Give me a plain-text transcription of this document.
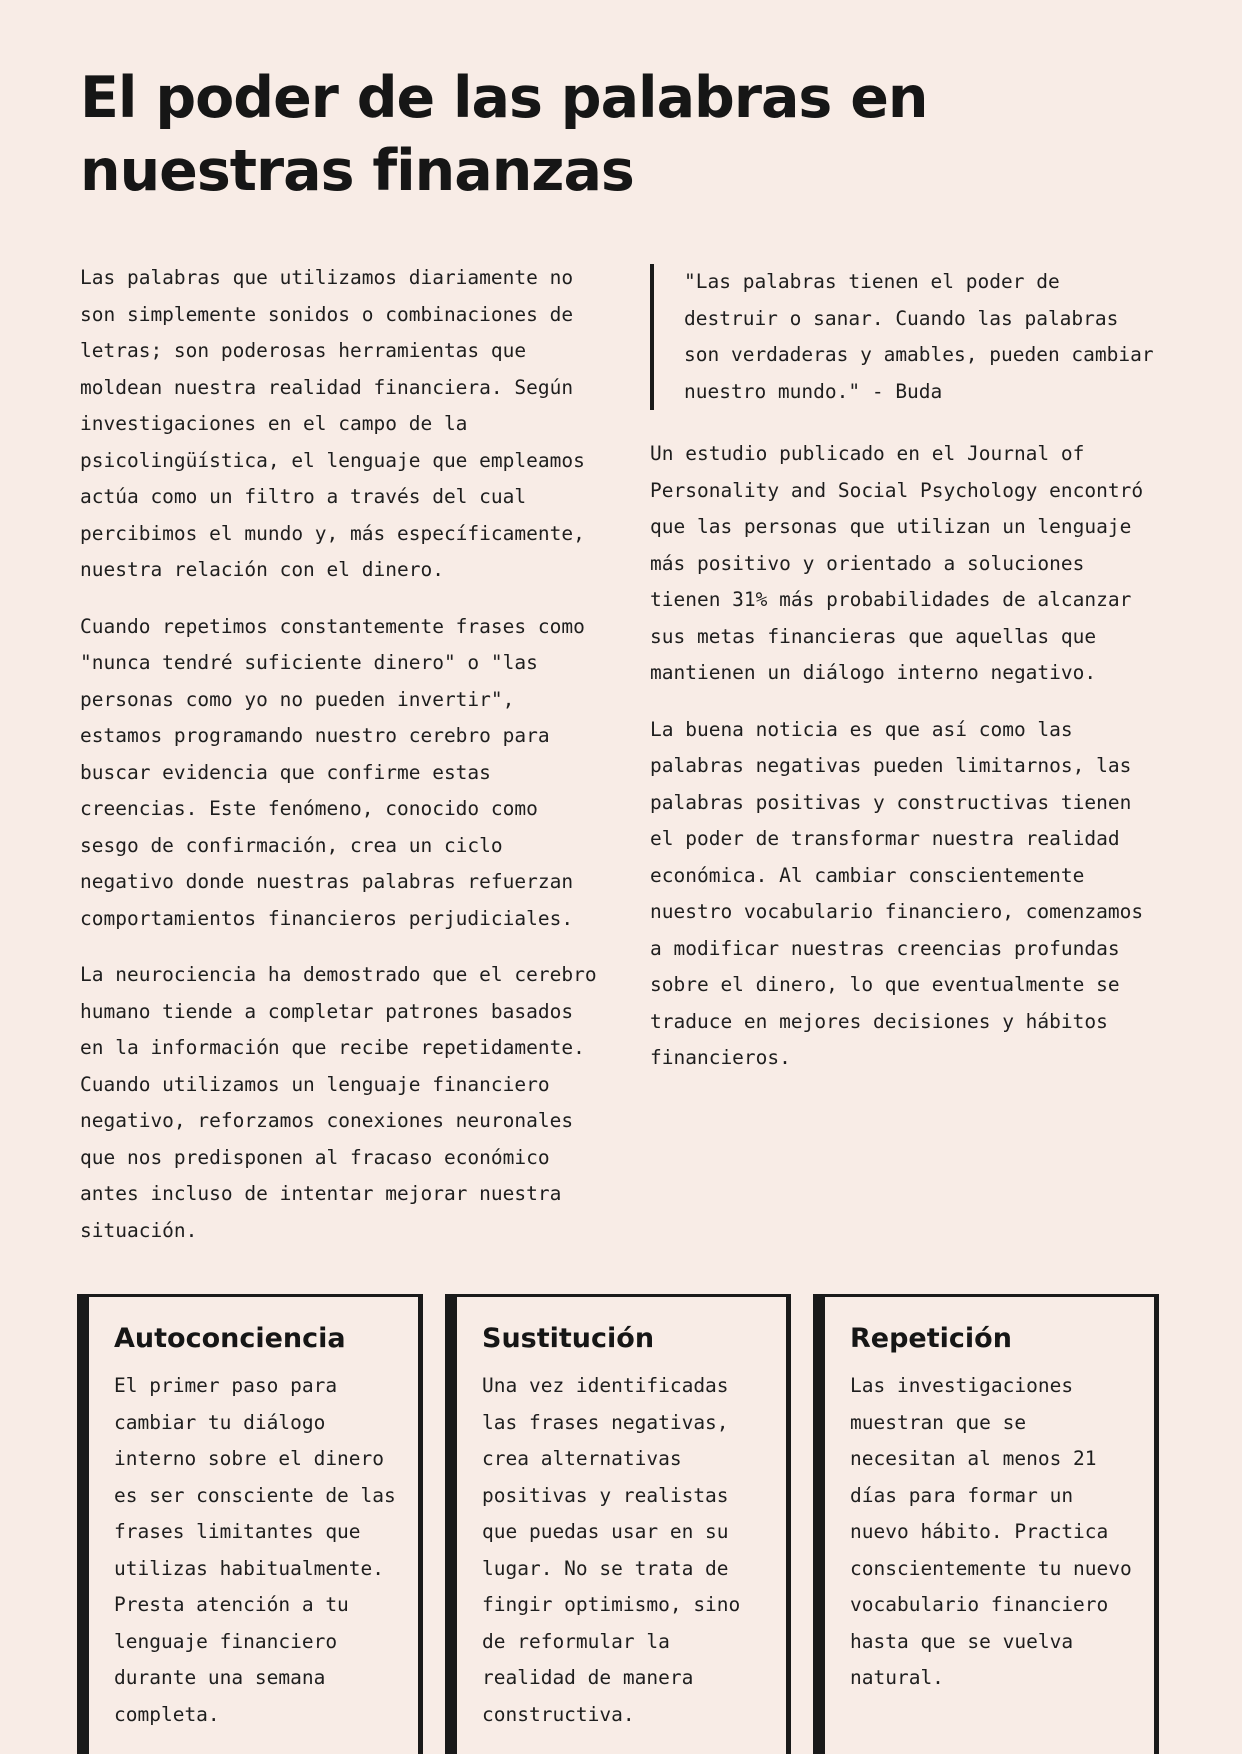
El poder de las palabras en nuestras finanzas

Las palabras que utilizamos diariamente no son simplemente sonidos o combinaciones de letras; son poderosas herramientas que moldean nuestra realidad financiera. Según investigaciones en el campo de la psicolingüística, el lenguaje que empleamos actúa como un filtro a través del cual percibimos el mundo y, más específicamente, nuestra relación con el dinero.

Cuando repetimos constantemente frases como "nunca tendré suficiente dinero" o "las personas como yo no pueden invertir", estamos programando nuestro cerebro para buscar evidencia que confirme estas creencias. Este fenómeno, conocido como sesgo de confirmación, crea un ciclo negativo donde nuestras palabras refuerzan comportamientos financieros perjudiciales.

La neurociencia ha demostrado que el cerebro humano tiende a completar patrones basados en la información que recibe repetidamente. Cuando utilizamos un lenguaje financiero negativo, reforzamos conexiones neuronales que nos predisponen al fracaso económico antes incluso de intentar mejorar nuestra situación.

"Las palabras tienen el poder de destruir o sanar. Cuando las palabras son verdaderas y amables, pueden cambiar nuestro mundo." - Buda

Un estudio publicado en el Journal of Personality and Social Psychology encontró que las personas que utilizan un lenguaje más positivo y orientado a soluciones tienen 31% más probabilidades de alcanzar sus metas financieras que aquellas que mantienen un diálogo interno negativo.

La buena noticia es que así como las palabras negativas pueden limitarnos, las palabras positivas y constructivas tienen el poder de transformar nuestra realidad económica. Al cambiar conscientemente nuestro vocabulario financiero, comenzamos a modificar nuestras creencias profundas sobre el dinero, lo que eventualmente se traduce en mejores decisiones y hábitos financieros.

Autoconciencia

El primer paso para cambiar tu diálogo interno sobre el dinero es ser consciente de las frases limitantes que utilizas habitualmente. Presta atención a tu lenguaje financiero durante una semana completa.

Sustitución

Una vez identificadas las frases negativas, crea alternativas positivas y realistas que puedas usar en su lugar. No se trata de fingir optimismo, sino de reformular la realidad de manera constructiva.

Repetición

Las investigaciones muestran que se necesitan al menos 21 días para formar un nuevo hábito. Practica conscientemente tu nuevo vocabulario financiero hasta que se vuelva natural.
